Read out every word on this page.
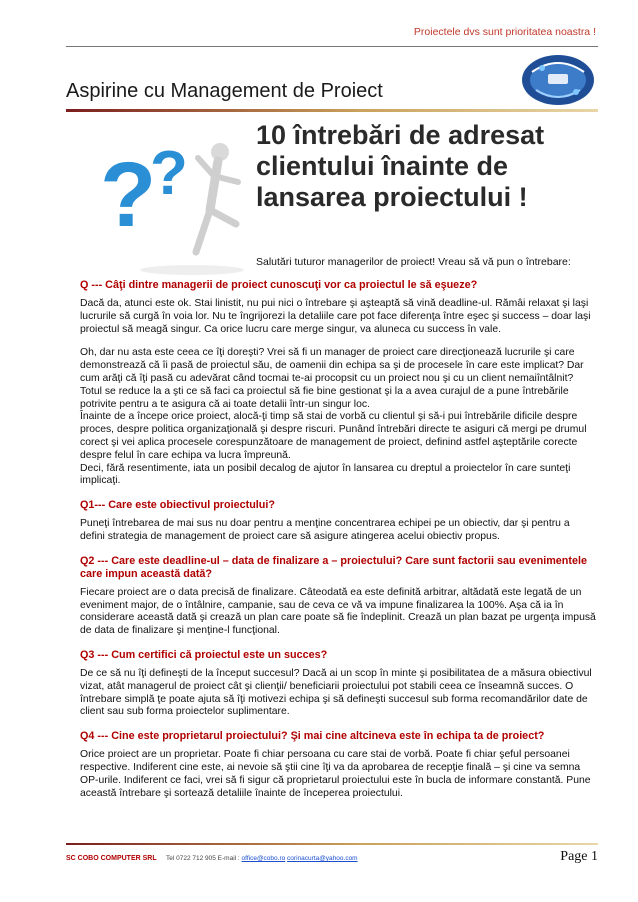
Proiectele dvs sunt prioritatea noastra !
Aspirine cu Management de Proiect
?
?
10 întrebări de adresat
clientului înainte de
lansarea proiectului !
Salutări tuturor managerilor de proiect! Vreau să vă pun o întrebare:
Q --- Câţi dintre managerii de proiect cunoscuţi vor ca proiectul le să eşueze?

Dacă da, atunci este ok. Stai linistit, nu pui nici o întrebare şi aşteaptă să vină deadline-ul. Rămâi relaxat şi laşi lucrurile să curgă în voia lor. Nu te îngrijorezi la detaliile care pot face diferenţa între eşec şi success – doar laşi proiectul să meagă singur. Ca orice lucru care merge singur, va aluneca cu success în vale.

Oh, dar nu asta este ceea ce îţi doreşti? Vrei să fi un manager de proiect care direcţionează lucrurile şi care demonstrează că îi pasă de proiectul său, de oamenii din echipa sa şi de procesele în care este implicat? Dar cum arăţi că îţi pasă cu adevărat când tocmai te-ai procopsit cu un proiect nou şi cu un client nemaiîntâlnit? Totul se reduce la a şti ce să faci ca proiectul să fie bine gestionat şi la a avea curajul de a pune întrebările potrivite pentru a te asigura că ai toate detalii într-un singur loc.

Înainte de a începe orice proiect, alocă-ţi timp să stai de vorbă cu clientul şi să-i pui întrebările dificile despre proces, despre politica organizaţională şi despre riscuri. Punând întrebări directe te asiguri că mergi pe drumul corect şi vei aplica procesele corespunzătoare de management de proiect, definind astfel aşteptările corecte despre felul în care echipa va lucra împreună.

Deci, fără resentimente, iata un posibil decalog de ajutor în lansarea cu dreptul a proiectelor în care sunteţi implicaţi.

Q1--- Care este obiectivul proiectului?

Puneţi întrebarea de mai sus nu doar pentru a menţine concentrarea echipei pe un obiectiv, dar şi pentru a defini strategia de management de proiect care să asigure atingerea acelui obiectiv propus.

Q2 --- Care este deadline-ul – data de finalizare a – proiectului? Care sunt factorii sau evenimentele care impun această dată?

Fiecare proiect are o data precisă de finalizare. Câteodată ea este definită arbitrar, altădată este legată de un eveniment major, de o întâlnire, campanie, sau de ceva ce vă va impune finalizarea la 100%. Aşa că ia în considerare această dată şi crează un plan care poate să fie îndeplinit. Crează un plan bazat pe urgenţa impusă de data de finalizare şi menţine-l funcţional.

Q3 --- Cum certifici că proiectul este un succes?

De ce să nu îţi defineşti de la început succesul? Dacă ai un scop în minte şi posibilitatea de a măsura obiectivul vizat, atât managerul de proiect cât şi clienţii/ beneficiarii proiectului pot stabili ceea ce înseamnă succes. O întrebare simplă ţe poate ajuta să îţi motivezi echipa şi să defineşti succesul sub forma recomandărilor date de client sau sub forma proiectelor suplimentare.

Q4 --- Cine este proprietarul proiectului? Şi mai cine altcineva este în echipa ta de proiect?

Orice proiect are un proprietar. Poate fi chiar persoana cu care stai de vorbă. Poate fi chiar şeful persoanei respective. Indiferent cine este, ai nevoie să ştii cine îţi va da aprobarea de recepţie finală – şi cine va semna OP-urile. Indiferent ce faci, vrei să fi sigur că proprietarul proiectului este în bucla de informare constantă. Pune această întrebare şi sortează detaliile înainte de începerea proiectului.

SC COBO COMPUTER SRL Tel 0722 712 905 E-mail : office@cobo.ro corinacurta@yahoo.com	Page 1
